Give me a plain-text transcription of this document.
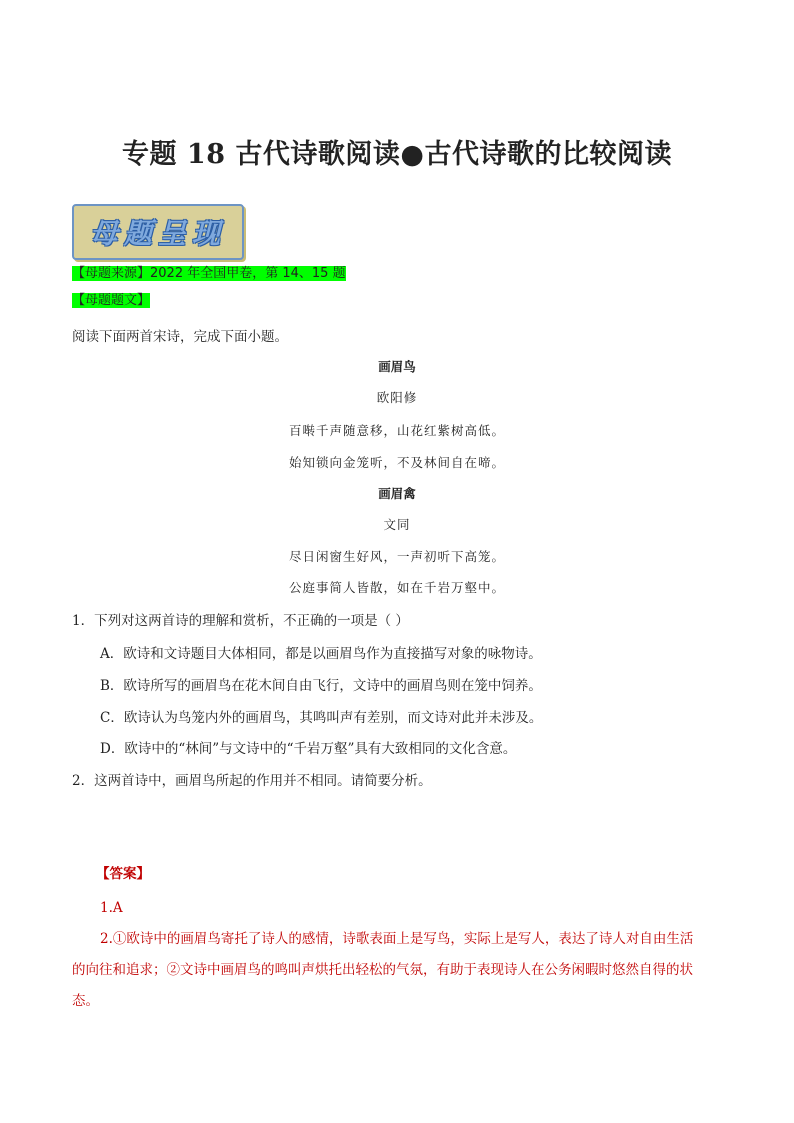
专题 18 古代诗歌阅读●古代诗歌的比较阅读
母题呈现
【母题来源】2022 年全国甲卷，第 14、15 题
【母题题文】
阅读下面两首宋诗，完成下面小题。
画眉鸟
欧阳修
百啭千声随意移，山花红紫树高低。
始知锁向金笼听，不及林间自在啼。
画眉禽
文同
尽日闲窗生好风，一声初听下高笼。
公庭事简人皆散，如在千岩万壑中。
1．下列对这两首诗的理解和赏析，不正确的一项是（ ）
A．欧诗和文诗题目大体相同，都是以画眉鸟作为直接描写对象的咏物诗。
B．欧诗所写的画眉鸟在花木间自由飞行，文诗中的画眉鸟则在笼中饲养。
C．欧诗认为鸟笼内外的画眉鸟，其鸣叫声有差别，而文诗对此并未涉及。
D．欧诗中的“林间”与文诗中的“千岩万壑”具有大致相同的文化含意。
2．这两首诗中，画眉鸟所起的作用并不相同。请简要分析。
【答案】
1.A
2.①欧诗中的画眉鸟寄托了诗人的感情，诗歌表面上是写鸟，实际上是写人，表达了诗人对自由生活
的向往和追求；②文诗中画眉鸟的鸣叫声烘托出轻松的气氛，有助于表现诗人在公务闲暇时悠然自得的状
态。
